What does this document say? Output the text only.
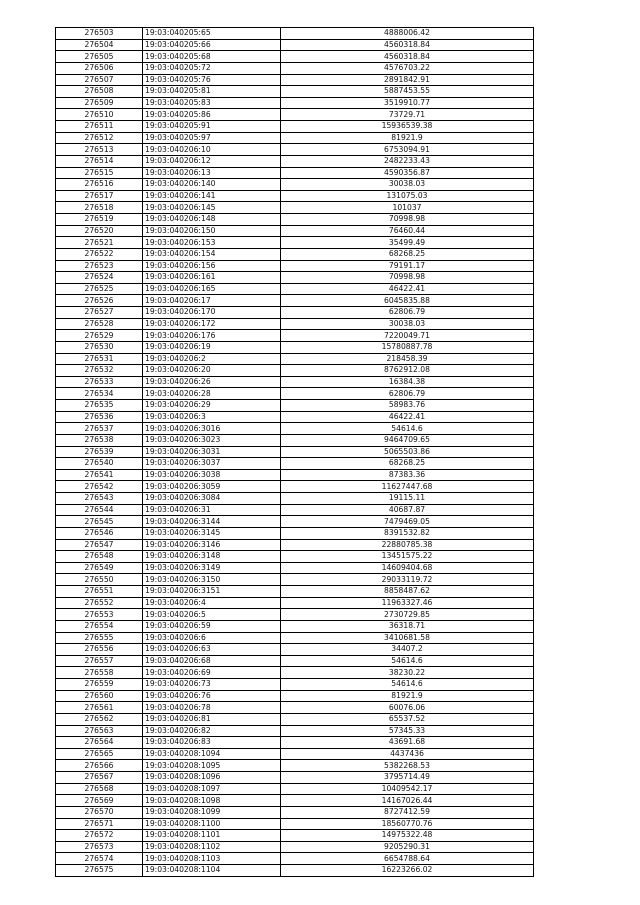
276503	19:03:040205:65	4888006.42
276504	19:03:040205:66	4560318.84
276505	19:03:040205:68	4560318.84
276506	19:03:040205:72	4576703.22
276507	19:03:040205:76	2891842.91
276508	19:03:040205:81	5887453.55
276509	19:03:040205:83	3519910.77
276510	19:03:040205:86	73729.71
276511	19:03:040205:91	15936539.38
276512	19:03:040205:97	81921.9
276513	19:03:040206:10	6753094.91
276514	19:03:040206:12	2482233.43
276515	19:03:040206:13	4590356.87
276516	19:03:040206:140	30038.03
276517	19:03:040206:141	131075.03
276518	19:03:040206:145	101037
276519	19:03:040206:148	70998.98
276520	19:03:040206:150	76460.44
276521	19:03:040206:153	35499.49
276522	19:03:040206:154	68268.25
276523	19:03:040206:156	79191.17
276524	19:03:040206:161	70998.98
276525	19:03:040206:165	46422.41
276526	19:03:040206:17	6045835.88
276527	19:03:040206:170	62806.79
276528	19:03:040206:172	30038.03
276529	19:03:040206:176	7220049.71
276530	19:03:040206:19	15780887.78
276531	19:03:040206:2	218458.39
276532	19:03:040206:20	8762912.08
276533	19:03:040206:26	16384.38
276534	19:03:040206:28	62806.79
276535	19:03:040206:29	58983.76
276536	19:03:040206:3	46422.41
276537	19:03:040206:3016	54614.6
276538	19:03:040206:3023	9464709.65
276539	19:03:040206:3031	5065503.86
276540	19:03:040206:3037	68268.25
276541	19:03:040206:3038	87383.36
276542	19:03:040206:3059	11627447.68
276543	19:03:040206:3084	19115.11
276544	19:03:040206:31	40687.87
276545	19:03:040206:3144	7479469.05
276546	19:03:040206:3145	8391532.82
276547	19:03:040206:3146	22880785.38
276548	19:03:040206:3148	13451575.22
276549	19:03:040206:3149	14609404.68
276550	19:03:040206:3150	29033119.72
276551	19:03:040206:3151	8858487.62
276552	19:03:040206:4	11963327.46
276553	19:03:040206:5	2730729.85
276554	19:03:040206:59	36318.71
276555	19:03:040206:6	3410681.58
276556	19:03:040206:63	34407.2
276557	19:03:040206:68	54614.6
276558	19:03:040206:69	38230.22
276559	19:03:040206:73	54614.6
276560	19:03:040206:76	81921.9
276561	19:03:040206:78	60076.06
276562	19:03:040206:81	65537.52
276563	19:03:040206:82	57345.33
276564	19:03:040206:83	43691.68
276565	19:03:040208:1094	4437436
276566	19:03:040208:1095	5382268.53
276567	19:03:040208:1096	3795714.49
276568	19:03:040208:1097	10409542.17
276569	19:03:040208:1098	14167026.44
276570	19:03:040208:1099	8727412.59
276571	19:03:040208:1100	18560770.76
276572	19:03:040208:1101	14975322.48
276573	19:03:040208:1102	9205290.31
276574	19:03:040208:1103	6654788.64
276575	19:03:040208:1104	16223266.02
